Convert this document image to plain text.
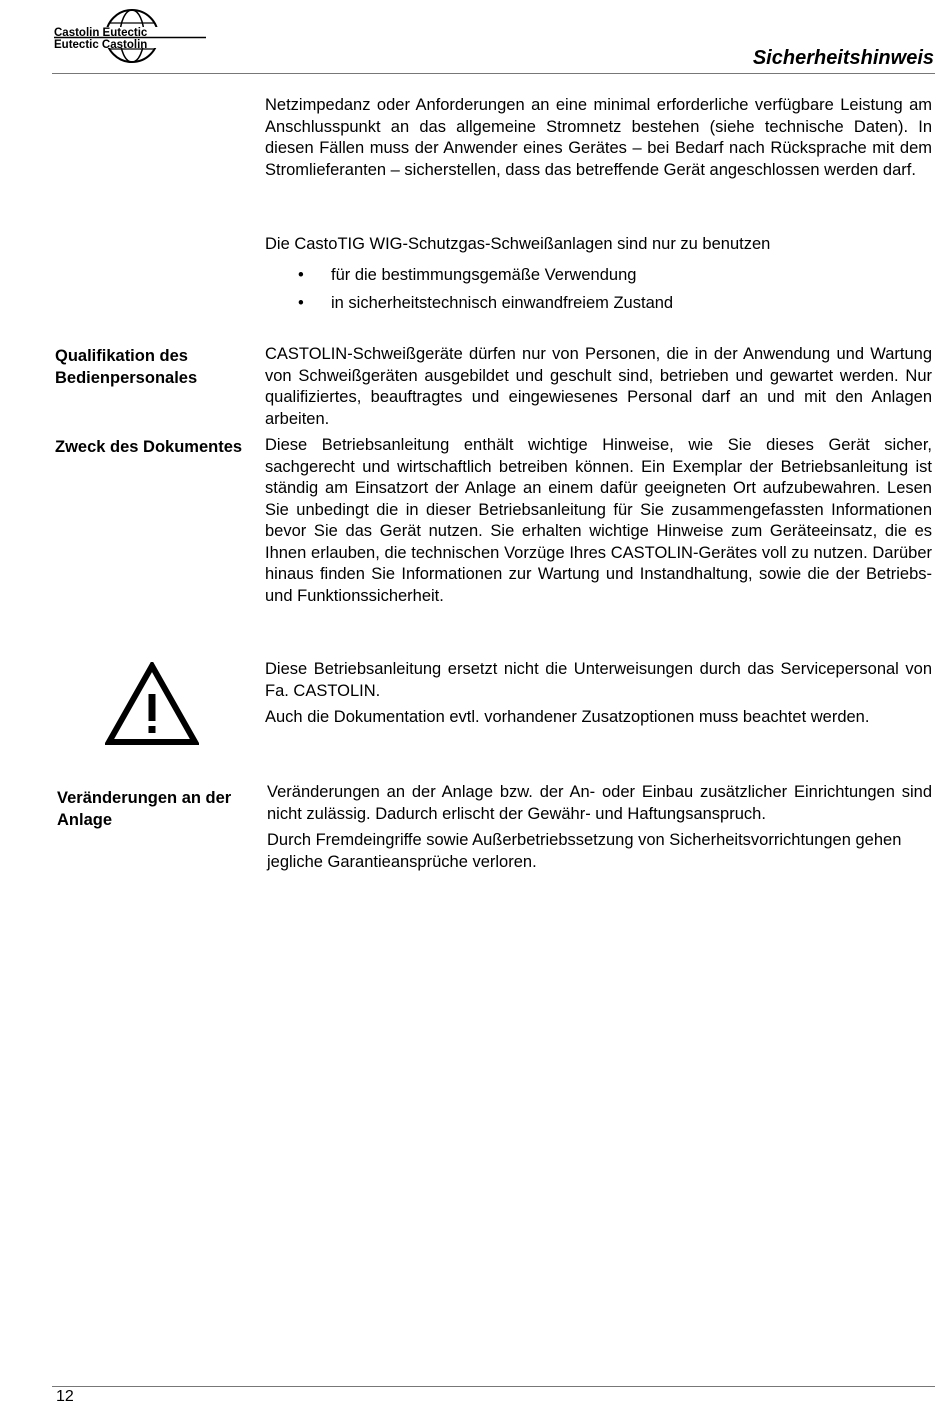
Castolin Eutectic
Eutectic Castolin
Sicherheitshinweis

Netzimpedanz oder Anforderungen an eine minimal erforderliche verfügbare Leistung am Anschlusspunkt an das allgemeine Stromnetz bestehen (siehe technische Daten). In diesen Fällen muss der Anwender eines Gerätes – bei Bedarf nach Rücksprache mit dem Stromlieferanten – sicherstellen, dass das betreffende Gerät angeschlossen werden darf.

Die CastoTIG WIG-Schutzgas-Schweißanlagen sind nur zu benutzen

• für die bestimmungsgemäße Verwendung
• in sicherheitstechnisch einwandfreiem Zustand
Qualifikation des Bedienpersonales

CASTOLIN-Schweißgeräte dürfen nur von Personen, die in der Anwendung und Wartung von Schweißgeräten ausgebildet und geschult sind, betrieben und gewartet werden. Nur qualifiziertes, beauftragtes und eingewiesenes Personal darf an und mit den Anlagen arbeiten.

Zweck des Dokumentes Diese Betriebsanleitung enthält wichtige Hinweise, wie Sie dieses Gerät sicher, sachgerecht und wirtschaftlich betreiben können. Ein Exemplar der Betriebsanleitung ist ständig am Einsatzort der Anlage an einem dafür geeigneten Ort aufzubewahren. Lesen Sie unbedingt die in dieser Betriebsanleitung für Sie zusammengefassten Informationen bevor Sie das Gerät nutzen. Sie erhalten wichtige Hinweise zum Geräteeinsatz, die es Ihnen erlauben, die technischen Vorzüge Ihres CASTOLIN-Gerätes voll zu nutzen. Darüber hinaus finden Sie Informationen zur Wartung und Instandhaltung, sowie die der Betriebs- und Funktionssicherheit.

Diese Betriebsanleitung ersetzt nicht die Unterweisungen durch das Servicepersonal von Fa. CASTOLIN.

Auch die Dokumentation evtl. vorhandener Zusatzoptionen muss beachtet werden.

Veränderungen an der Anlage

Veränderungen an der Anlage bzw. der An- oder Einbau zusätzlicher Einrichtungen sind nicht zulässig. Dadurch erlischt der Gewähr- und Haftungsanspruch.

Durch Fremdeingriffe sowie Außerbetriebssetzung von Sicherheitsvorrichtungen gehen jegliche Garantieansprüche verloren.

12
